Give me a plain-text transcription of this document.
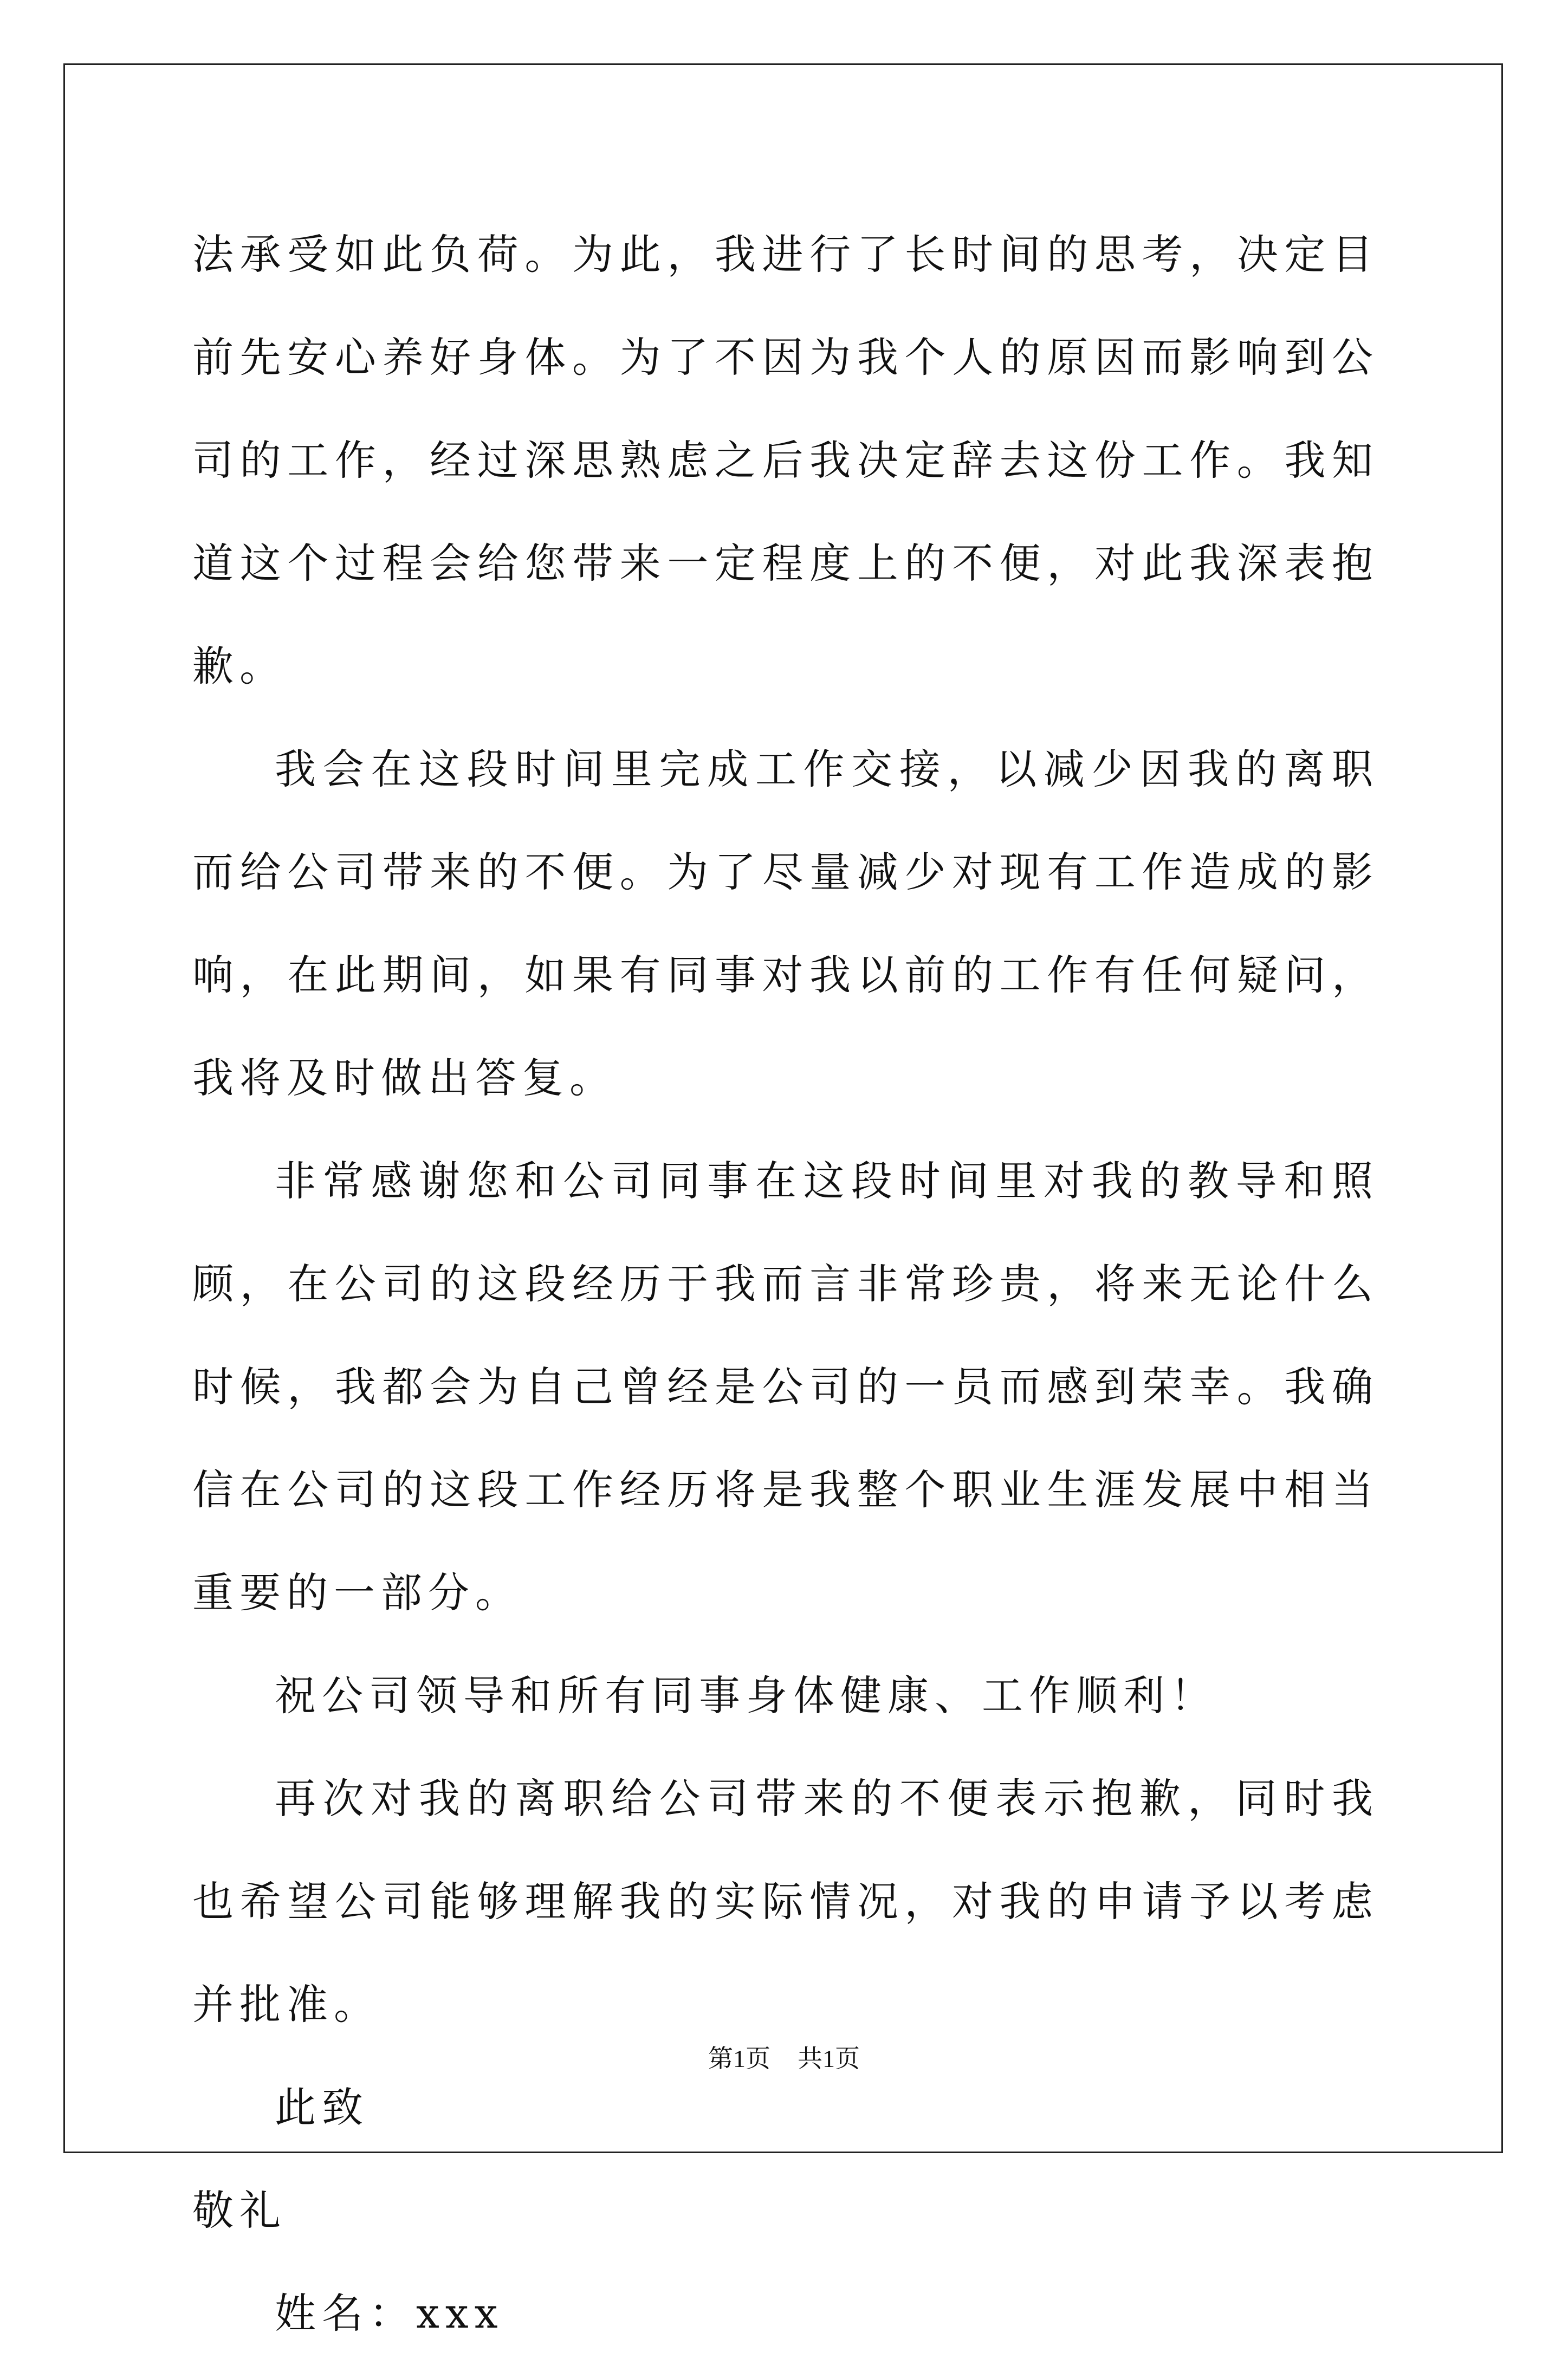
法承受如此负荷。为此，我进行了长时间的思考，决定目前先安心养好身体。为了不因为我个人的原因而影响到公司的工作，经过深思熟虑之后我决定辞去这份工作。我知道这个过程会给您带来一定程度上的不便，对此我深表抱歉。

我会在这段时间里完成工作交接，以减少因我的离职而给公司带来的不便。为了尽量减少对现有工作造成的影响，在此期间，如果有同事对我以前的工作有任何疑问，我将及时做出答复。

非常感谢您和公司同事在这段时间里对我的教导和照顾，在公司的这段经历于我而言非常珍贵，将来无论什么时候，我都会为自己曾经是公司的一员而感到荣幸。我确信在公司的这段工作经历将是我整个职业生涯发展中相当重要的一部分。

祝公司领导和所有同事身体健康、工作顺利！

再次对我的离职给公司带来的不便表示抱歉，同时我也希望公司能够理解我的实际情况，对我的申请予以考虑并批准。

此致

敬礼

姓名：xxx

第1页 共1页
